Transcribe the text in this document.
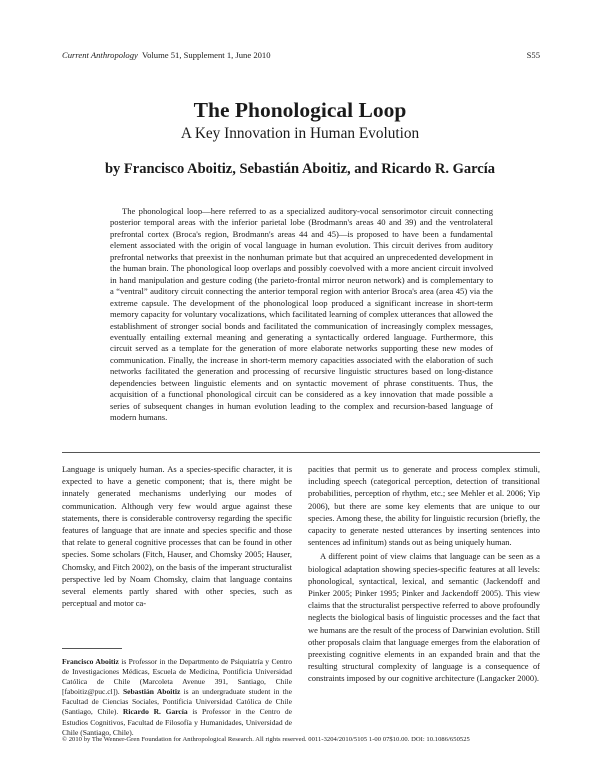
Current Anthropology Volume 51, Supplement 1, June 2010	S55
The Phonological Loop
A Key Innovation in Human Evolution
by Francisco Aboitiz, Sebastián Aboitiz, and Ricardo R. García

The phonological loop—here referred to as a specialized auditory-vocal sensorimotor circuit connecting posterior temporal areas with the inferior parietal lobe (Brodmann's areas 40 and 39) and the ventrolateral prefrontal cortex (Broca's region, Brodmann's areas 44 and 45)—is proposed to have been a fundamental element associated with the origin of vocal language in human evolution. This circuit derives from auditory prefrontal networks that preexist in the nonhuman primate but that acquired an unprecedented development in the human brain. The phonological loop overlaps and possibly coevolved with a more ancient circuit involved in hand manipulation and gesture coding (the parieto-frontal mirror neuron network) and is complementary to a “ventral” auditory circuit connecting the anterior temporal region with anterior Broca's area (area 45) via the extreme capsule. The development of the phonological loop produced a significant increase in short-term memory capacity for voluntary vocalizations, which facilitated learning of complex utterances that allowed the establishment of stronger social bonds and facilitated the communication of increasingly complex messages, eventually entailing external meaning and generating a syntactically ordered language. Furthermore, this circuit served as a template for the generation of more elaborate networks supporting these new modes of communication. Finally, the increase in short-term memory capacities associated with the elaboration of such networks facilitated the generation and processing of recursive linguistic structures based on long-distance dependencies between linguistic elements and on syntactic movement of phrase constituents. Thus, the acquisition of a functional phonological circuit can be considered as a key innovation that made possible a series of subsequent changes in human evolution leading to the complex and recursion-based language of modern humans.

Language is uniquely human. As a species-specific character, it is expected to have a genetic component; that is, there might be innately generated mechanisms underlying our modes of communication. Although very few would argue against these statements, there is considerable controversy regarding the specific features of language that are innate and species specific and those that relate to general cognitive processes that can be found in other species. Some scholars (Fitch, Hauser, and Chomsky 2005; Hauser, Chomsky, and Fitch 2002), on the basis of the imperant structuralist perspective led by Noam Chomsky, claim that language contains several elements partly shared with other species, such as perceptual and motor ca-

pacities that permit us to generate and process complex stimuli, including speech (categorical perception, detection of transitional probabilities, perception of rhythm, etc.; see Mehler et al. 2006; Yip 2006), but there are some key elements that are unique to our species. Among these, the ability for linguistic recursion (briefly, the capacity to generate nested utterances by inserting sentences into sentences ad infinitum) stands out as being uniquely human.

A different point of view claims that language can be seen as a biological adaptation showing species-specific features at all levels: phonological, syntactical, lexical, and semantic (Jackendoff and Pinker 2005; Pinker 1995; Pinker and Jackendoff 2005). This view claims that the structuralist perspective referred to above profoundly neglects the biological basis of linguistic processes and the fact that we humans are the result of the process of Darwinian evolution. Still other proposals claim that language emerges from the elaboration of preexisting cognitive elements in an expanded brain and that the resulting structural complexity of language is a consequence of constraints imposed by our cognitive architecture (Langacker 2000).

Francisco Aboitiz is Professor in the Departmento de Psiquiatría y Centro de Investigaciones Médicas, Escuela de Medicina, Pontificia Universidad Católica de Chile (Marcoleta Avenue 391, Santiago, Chile [faboitiz@puc.cl]). Sebastián Aboitiz is an undergraduate student in the Facultad de Ciencias Sociales, Pontificia Universidad Católica de Chile (Santiago, Chile). Ricardo R. García is Professor in the Centro de Estudios Cognitivos, Facultad de Filosofía y Humanidades, Universidad de Chile (Santiago, Chile).
© 2010 by The Wenner-Gren Foundation for Anthropological Research. All rights reserved. 0011-3204/2010/5105 1-00 07$10.00. DOI: 10.1086/650525
